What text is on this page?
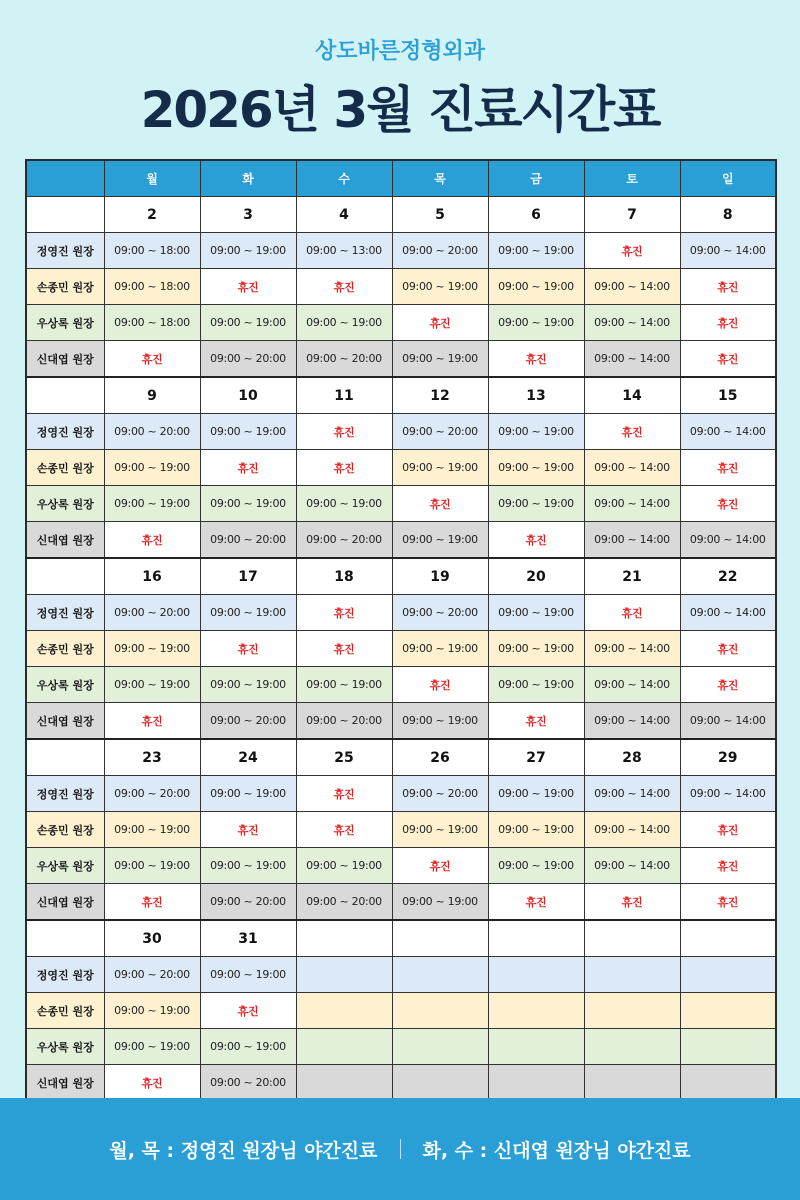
상도바른정형외과
2026년 3월 진료시간표
	월	화	수	목	금	토	일
	2	3	4	5	6	7	8
정영진 원장	09:00 ~ 18:00	09:00 ~ 19:00	09:00 ~ 13:00	09:00 ~ 20:00	09:00 ~ 19:00	휴진	09:00 ~ 14:00
손종민 원장	09:00 ~ 18:00	휴진	휴진	09:00 ~ 19:00	09:00 ~ 19:00	09:00 ~ 14:00	휴진
우상록 원장	09:00 ~ 18:00	09:00 ~ 19:00	09:00 ~ 19:00	휴진	09:00 ~ 19:00	09:00 ~ 14:00	휴진
신대엽 원장	휴진	09:00 ~ 20:00	09:00 ~ 20:00	09:00 ~ 19:00	휴진	09:00 ~ 14:00	휴진
	9	10	11	12	13	14	15
정영진 원장	09:00 ~ 20:00	09:00 ~ 19:00	휴진	09:00 ~ 20:00	09:00 ~ 19:00	휴진	09:00 ~ 14:00
손종민 원장	09:00 ~ 19:00	휴진	휴진	09:00 ~ 19:00	09:00 ~ 19:00	09:00 ~ 14:00	휴진
우상록 원장	09:00 ~ 19:00	09:00 ~ 19:00	09:00 ~ 19:00	휴진	09:00 ~ 19:00	09:00 ~ 14:00	휴진
신대엽 원장	휴진	09:00 ~ 20:00	09:00 ~ 20:00	09:00 ~ 19:00	휴진	09:00 ~ 14:00	09:00 ~ 14:00
	16	17	18	19	20	21	22
정영진 원장	09:00 ~ 20:00	09:00 ~ 19:00	휴진	09:00 ~ 20:00	09:00 ~ 19:00	휴진	09:00 ~ 14:00
손종민 원장	09:00 ~ 19:00	휴진	휴진	09:00 ~ 19:00	09:00 ~ 19:00	09:00 ~ 14:00	휴진
우상록 원장	09:00 ~ 19:00	09:00 ~ 19:00	09:00 ~ 19:00	휴진	09:00 ~ 19:00	09:00 ~ 14:00	휴진
신대엽 원장	휴진	09:00 ~ 20:00	09:00 ~ 20:00	09:00 ~ 19:00	휴진	09:00 ~ 14:00	09:00 ~ 14:00
	23	24	25	26	27	28	29
정영진 원장	09:00 ~ 20:00	09:00 ~ 19:00	휴진	09:00 ~ 20:00	09:00 ~ 19:00	09:00 ~ 14:00	09:00 ~ 14:00
손종민 원장	09:00 ~ 19:00	휴진	휴진	09:00 ~ 19:00	09:00 ~ 19:00	09:00 ~ 14:00	휴진
우상록 원장	09:00 ~ 19:00	09:00 ~ 19:00	09:00 ~ 19:00	휴진	09:00 ~ 19:00	09:00 ~ 14:00	휴진
신대엽 원장	휴진	09:00 ~ 20:00	09:00 ~ 20:00	09:00 ~ 19:00	휴진	휴진	휴진
	30	31					
정영진 원장	09:00 ~ 20:00	09:00 ~ 19:00					
손종민 원장	09:00 ~ 19:00	휴진					
우상록 원장	09:00 ~ 19:00	09:00 ~ 19:00					
신대엽 원장	휴진	09:00 ~ 20:00					
월, 목 : 정영진 원장님 야간진료 화, 수 : 신대엽 원장님 야간진료
